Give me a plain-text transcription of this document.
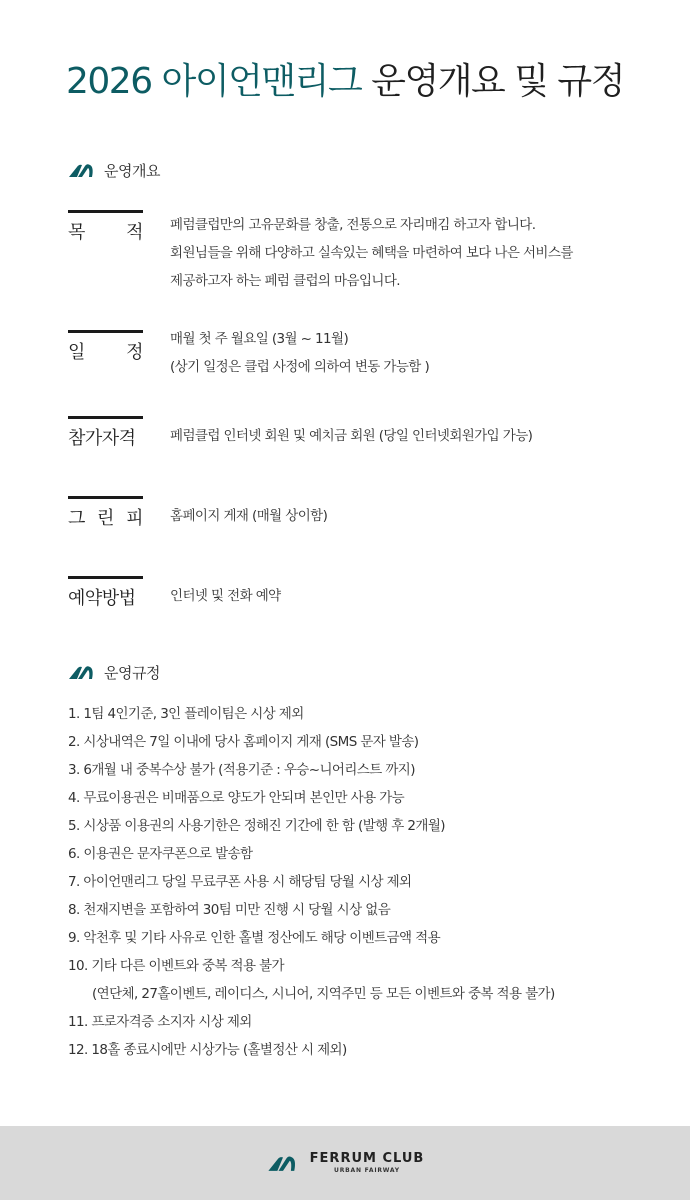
2026 아이언맨리그 운영개요 및 규정
운영개요
목 적 페럼클럽만의 고유문화를 창출, 전통으로 자리매김 하고자 합니다.
회원님들을 위해 다양하고 실속있는 혜택을 마련하여 보다 나은 서비스를
제공하고자 하는 페럼 클럽의 마음입니다.
일 정
매월 첫 주 월요일 (3월 ~ 11월)
(상기 일정은 클럽 사정에 의하여 변동 가능함 )
참가자격	페럼클럽 인터넷 회원 및 예치금 회원 (당일 인터넷회원가입 가능)
그 린 피 홈페이지 게재 (매월 상이함)
예약방법	인터넷 및 전화 예약
운영규정
1. 1팀 4인기준, 3인 플레이팀은 시상 제외
2. 시상내역은 7일 이내에 당사 홈페이지 게재 (SMS 문자 발송)
3. 6개월 내 중복수상 불가 (적용기준 : 우승~니어리스트 까지)
4. 무료이용권은 비매품으로 양도가 안되며 본인만 사용 가능
5. 시상품 이용권의 사용기한은 정해진 기간에 한 함 (발행 후 2개월)
6. 이용권은 문자쿠폰으로 발송함
7. 아이언맨리그 당일 무료쿠폰 사용 시 해당팀 당월 시상 제외
8. 천재지변을 포함하여 30팀 미만 진행 시 당월 시상 없음
9. 악천후 및 기타 사유로 인한 홀별 정산에도 해당 이벤트금액 적용
10. 기타 다른 이벤트와 중복 적용 불가
(연단체, 27홀이벤트, 레이디스, 시니어, 지역주민 등 모든 이벤트와 중복 적용 불가)
11. 프로자격증 소지자 시상 제외
12. 18홀 종료시에만 시상가능 (홀별정산 시 제외)
FERRUM CLUB
URBAN FAIRWAY
